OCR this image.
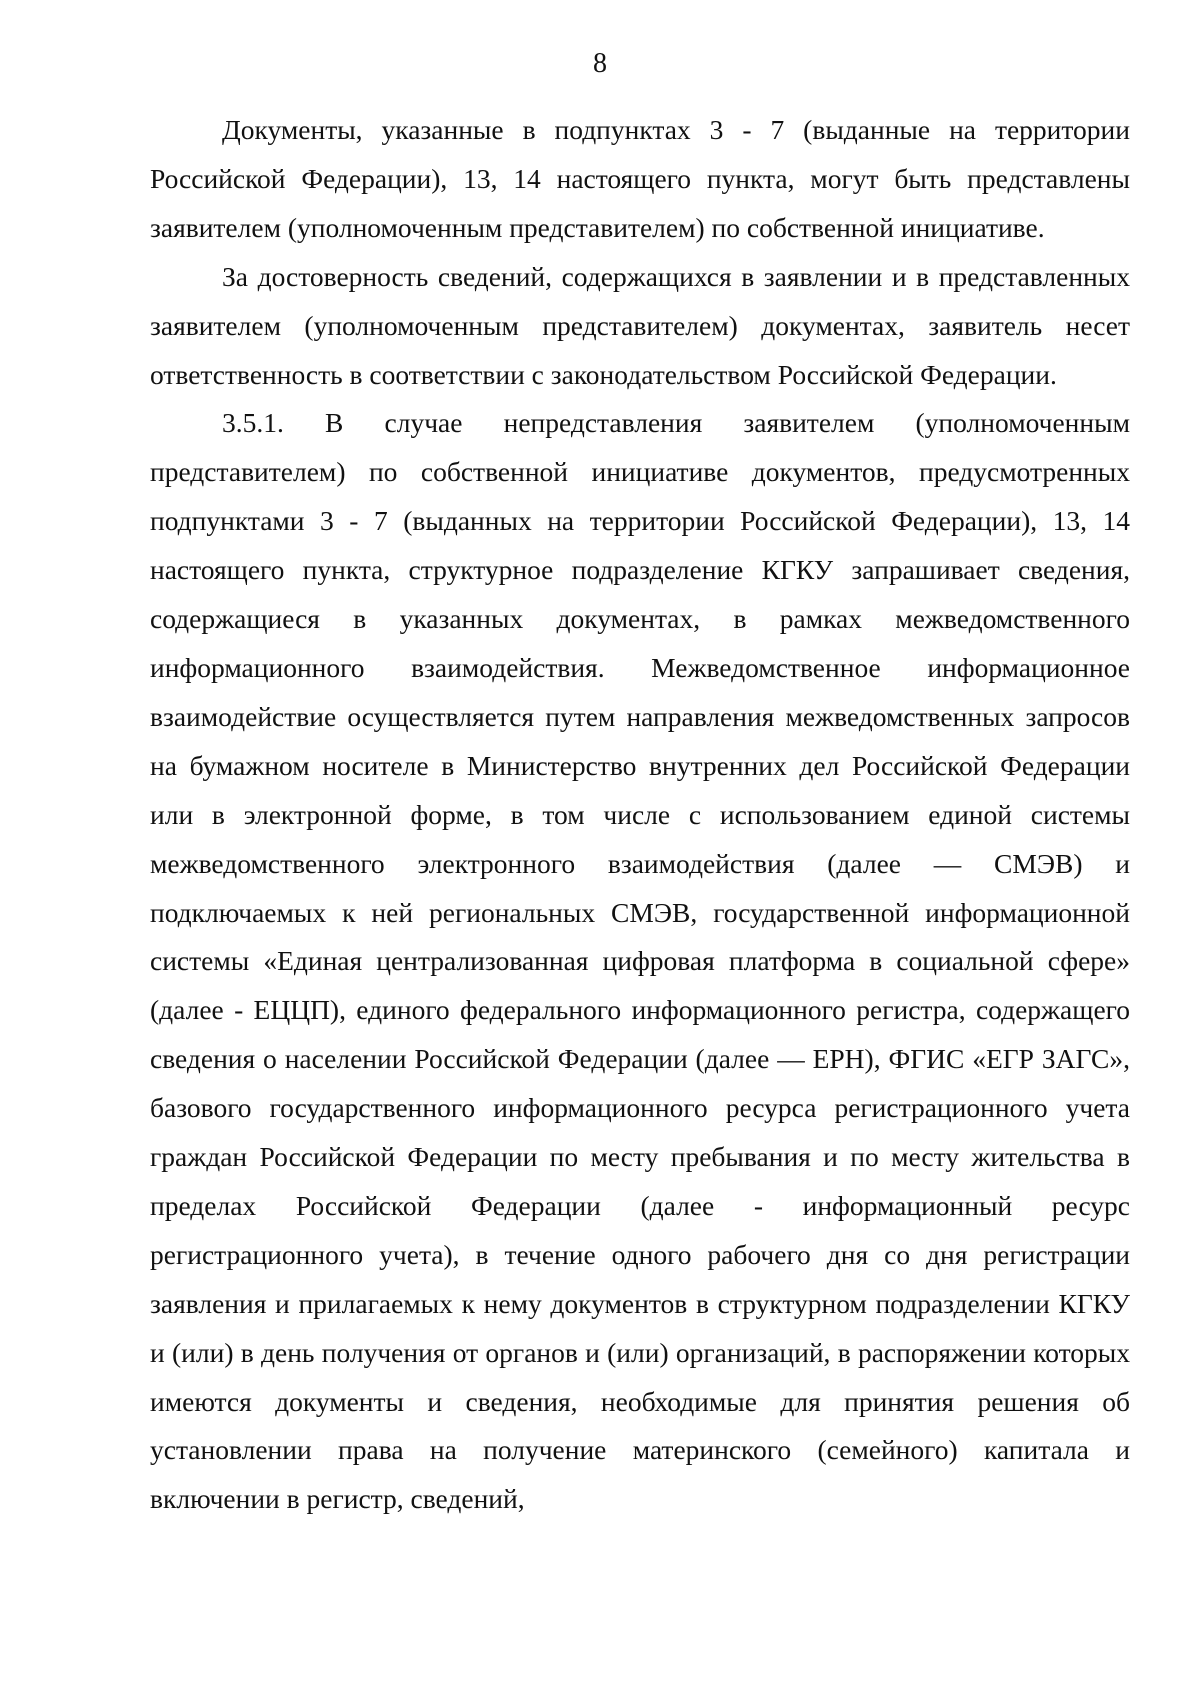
8

Документы, указанные в подпунктах 3 - 7 (выданные на территории Российской Федерации), 13, 14 настоящего пункта, могут быть представлены заявителем (уполномоченным представителем) по собственной инициативе.

За достоверность сведений, содержащихся в заявлении и в представленных заявителем (уполномоченным представителем) документах, заявитель несет ответственность в соответствии с законодательством Российской Федерации.

3.5.1. В случае непредставления заявителем (уполномоченным представителем) по собственной инициативе документов, предусмотренных подпунктами 3 - 7 (выданных на территории Российской Федерации), 13, 14 настоящего пункта, структурное подразделение КГКУ запрашивает сведения, содержащиеся в указанных документах, в рамках межведомственного информационного взаимодействия. Межведомственное информационное взаимодействие осуществляется путем направления межведомственных запросов на бумажном носителе в Министерство внутренних дел Российской Федерации или в электронной форме, в том числе с использованием единой системы межведомственного электронного взаимодействия (далее — СМЭВ) и подключаемых к ней региональных СМЭВ, государственной информационной системы «Единая централизованная цифровая платформа в социальной сфере» (далее - ЕЦЦП), единого федерального информационного регистра, содержащего сведения о населении Российской Федерации (далее — ЕРН), ФГИС «ЕГР ЗАГС», базового государственного информационного ресурса регистрационного учета граждан Российской Федерации по месту пребывания и по месту жительства в пределах Российской Федерации (далее - информационный ресурс регистрационного учета), в течение одного рабочего дня со дня регистрации заявления и прилагаемых к нему документов в структурном подразделении КГКУ и (или) в день получения от органов и (или) организаций, в распоряжении которых имеются документы и сведения, необходимые для принятия решения об установлении права на получение материнского (семейного) капитала и включении в регистр, сведений,
